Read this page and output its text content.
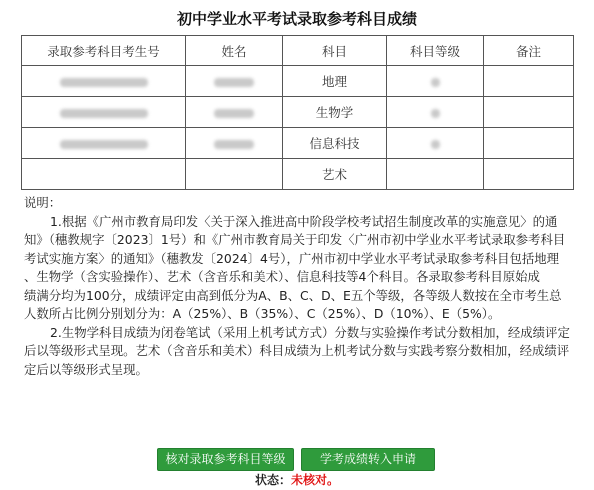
初中学业水平考试录取参考科目成绩
录取参考科目考生号	姓名	科目	科目等级	备注
		地理		
		生物学		
		信息科技		
		艺术		

说明：

1.根据《广州市教育局印发〈关于深入推进高中阶段学校考试招生制度改革的实施意见〉的通

知》（穗教规字〔2023〕1号）和《广州市教育局关于印发〈广州市初中学业水平考试录取参考科目

考试实施方案〉的通知》（穗教发〔2024〕4号），广州市初中学业水平考试录取参考科目包括地理

、生物学（含实验操作）、艺术（含音乐和美术）、信息科技等4个科目。各录取参考科目原始成

绩满分均为100分，成绩评定由高到低分为A、B、C、D、E五个等级，各等级人数按在全市考生总

人数所占比例分别划分为：A（25%）、B（35%）、C（25%）、D（10%）、E（5%）。

2.生物学科目成绩为闭卷笔试（采用上机考试方式）分数与实验操作考试分数相加，经成绩评定

后以等级形式呈现。艺术（含音乐和美术）科目成绩为上机考试分数与实践考察分数相加，经成绩评

定后以等级形式呈现。

核对录取参考科目等级	学考成绩转入申请
状态：未核对。
